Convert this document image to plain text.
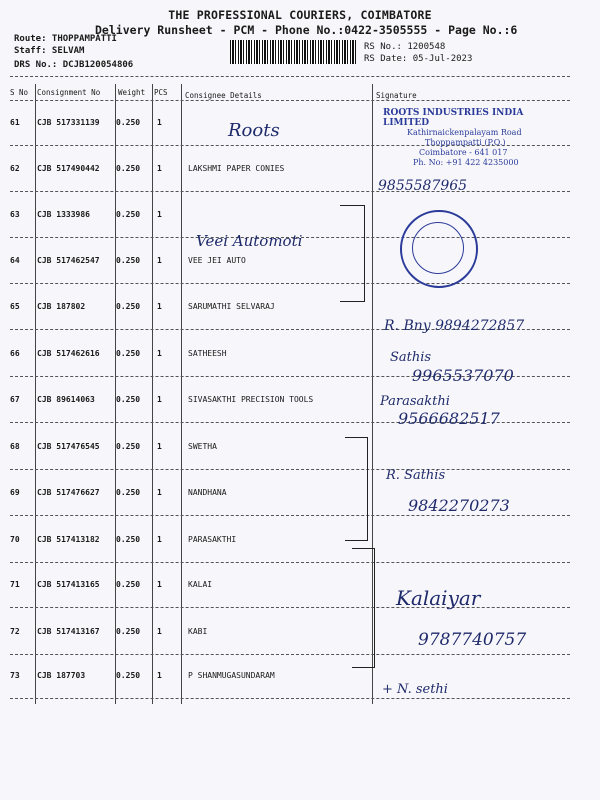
THE PROFESSIONAL COURIERS, COIMBATORE
Delivery Runsheet - PCM - Phone No.:0422-3505555 - Page No.:6
Route: THOPPAMPATTI
Staff: SELVAM
DRS No.: DCJB120054806
RS No.: 1200548
RS Date: 05-Jul-2023
S No Consignment No Weight PCS Consignee Details	Signature
61 CJB 517331139 0.250 1
62 CJB 517490442 0.250 1	LAKSHMI PAPER CONIES
63 CJB 1333986	0.250 1
64 CJB 517462547 0.250 1	VEE JEI AUTO
65 CJB 187802	0.250 1	SARUMATHI SELVARAJ
66 CJB 517462616 0.250 1	SATHEESH
67 CJB 89614063	0.250 1	SIVASAKTHI PRECISION TOOLS
68 CJB 517476545 0.250 1	SWETHA
69 CJB 517476627 0.250 1	NANDHANA
70 CJB 517413182 0.250 1	PARASAKTHI
71 CJB 517413165 0.250 1	KALAI
72 CJB 517413167 0.250 1	KABI
73 CJB 187703	0.250 1	P SHANMUGASUNDARAM
ROOTS INDUSTRIES INDIA LIMITED
Kathirnaickenpalayam Road
Thoppampatti (P.O.)
Coimbatore - 641 017
Ph. No: +91 422 4235000
Roots
Veei Automoti
9855587965
R. Bny 9894272857
Sathis
9965537070
Parasakthi
9566682517
R. Sathis
9842270273
Kalaiyar
9787740757
+ N. sethi
